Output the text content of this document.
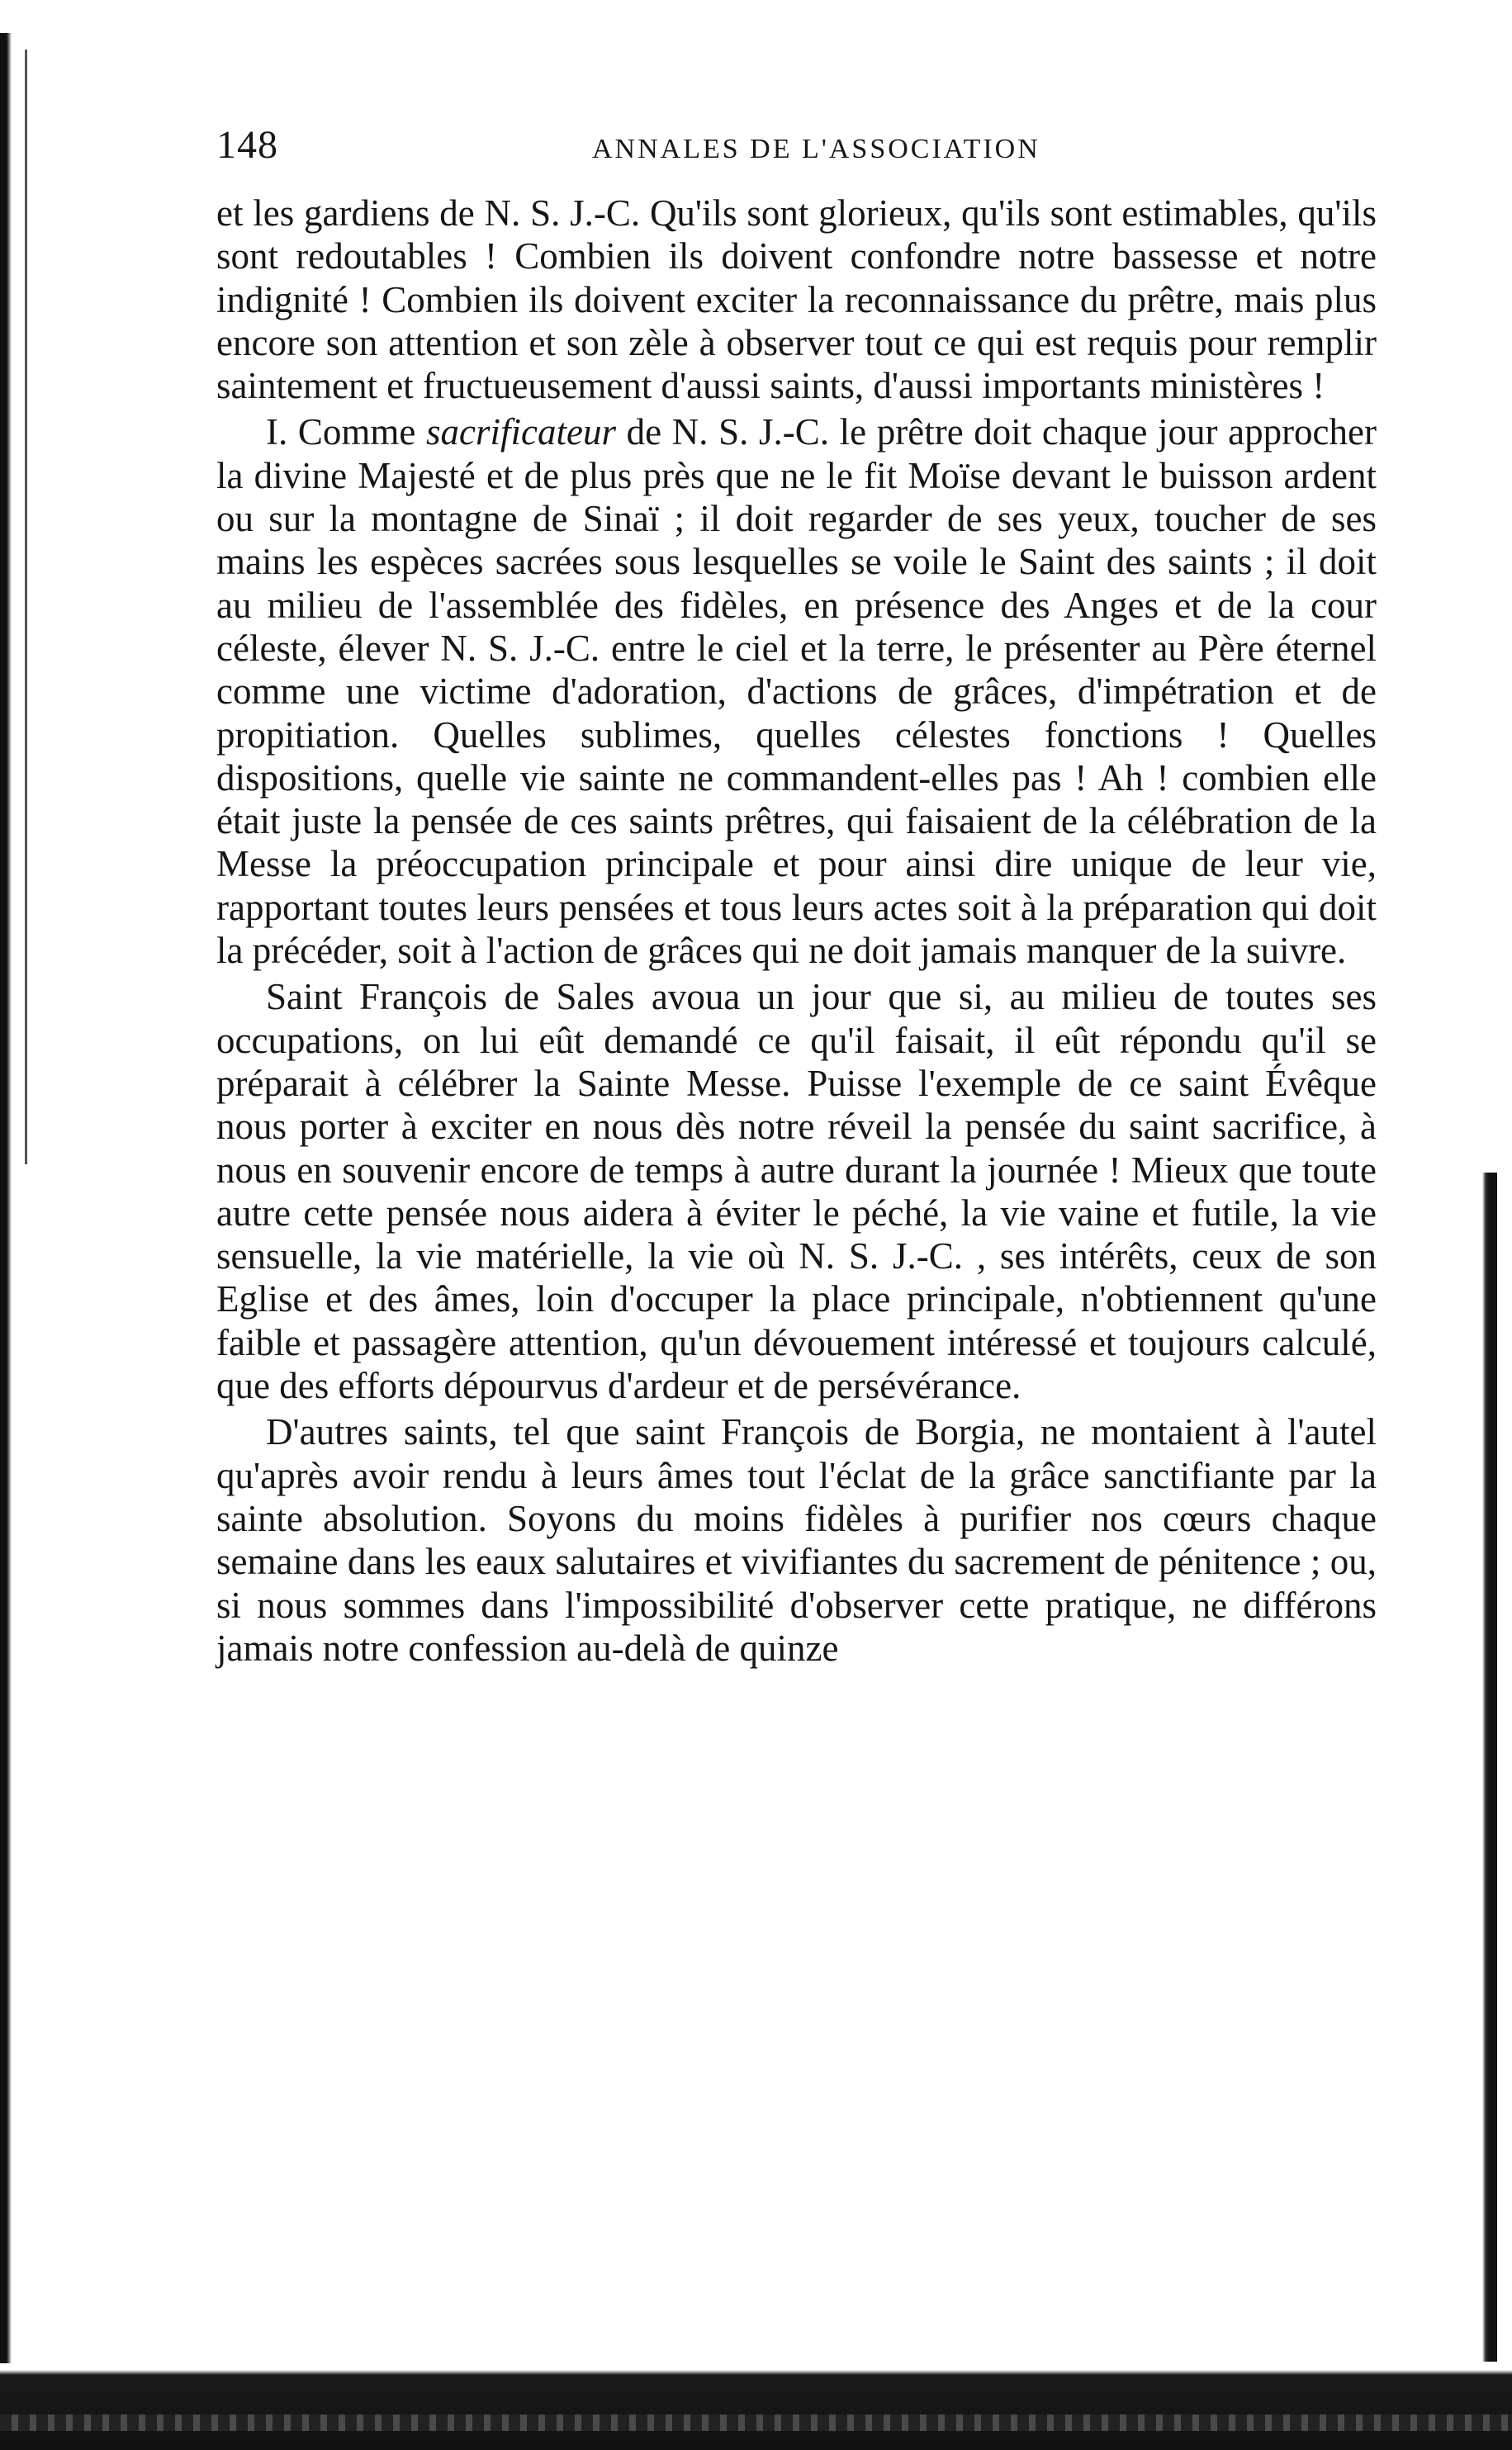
148	ANNALES DE L'ASSOCIATION

et les gardiens de N. S. J.-C. Qu'ils sont glorieux, qu'ils sont estimables, qu'ils sont redoutables ! Combien ils doivent confondre notre bassesse et notre indignité ! Combien ils doivent exciter la reconnaissance du prêtre, mais plus encore son attention et son zèle à observer tout ce qui est requis pour remplir saintement et fructueusement d'aussi saints, d'aussi importants ministères !

I. Comme sacrificateur de N. S. J.-C. le prêtre doit chaque jour approcher la divine Majesté et de plus près que ne le fit Moïse devant le buisson ardent ou sur la montagne de Sinaï ; il doit regarder de ses yeux, toucher de ses mains les espèces sacrées sous lesquelles se voile le Saint des saints ; il doit au milieu de l'assemblée des fidèles, en présence des Anges et de la cour céleste, élever N. S. J.-C. entre le ciel et la terre, le présenter au Père éternel comme une victime d'adoration, d'actions de grâces, d'impétration et de propitiation. Quelles sublimes, quelles célestes fonctions ! Quelles dispositions, quelle vie sainte ne commandent-elles pas ! Ah ! combien elle était juste la pensée de ces saints prêtres, qui faisaient de la célébration de la Messe la préoccupation principale et pour ainsi dire unique de leur vie, rapportant toutes leurs pensées et tous leurs actes soit à la préparation qui doit la précéder, soit à l'action de grâces qui ne doit jamais manquer de la suivre.

Saint François de Sales avoua un jour que si, au milieu de toutes ses occupations, on lui eût demandé ce qu'il faisait, il eût répondu qu'il se préparait à célébrer la Sainte Messe. Puisse l'exemple de ce saint Évêque nous porter à exciter en nous dès notre réveil la pensée du saint sacrifice, à nous en souvenir encore de temps à autre durant la journée ! Mieux que toute autre cette pensée nous aidera à éviter le péché, la vie vaine et futile, la vie sensuelle, la vie matérielle, la vie où N. S. J.-C. , ses intérêts, ceux de son Eglise et des âmes, loin d'occuper la place principale, n'obtiennent qu'une faible et passagère attention, qu'un dévouement intéressé et toujours calculé, que des efforts dépourvus d'ardeur et de persévérance.

D'autres saints, tel que saint François de Borgia, ne montaient à l'autel qu'après avoir rendu à leurs âmes tout l'éclat de la grâce sanctifiante par la sainte absolution. Soyons du moins fidèles à purifier nos cœurs chaque semaine dans les eaux salutaires et vivifiantes du sacrement de pénitence ; ou, si nous sommes dans l'impossibilité d'observer cette pratique, ne différons jamais notre confession au-delà de quinze
